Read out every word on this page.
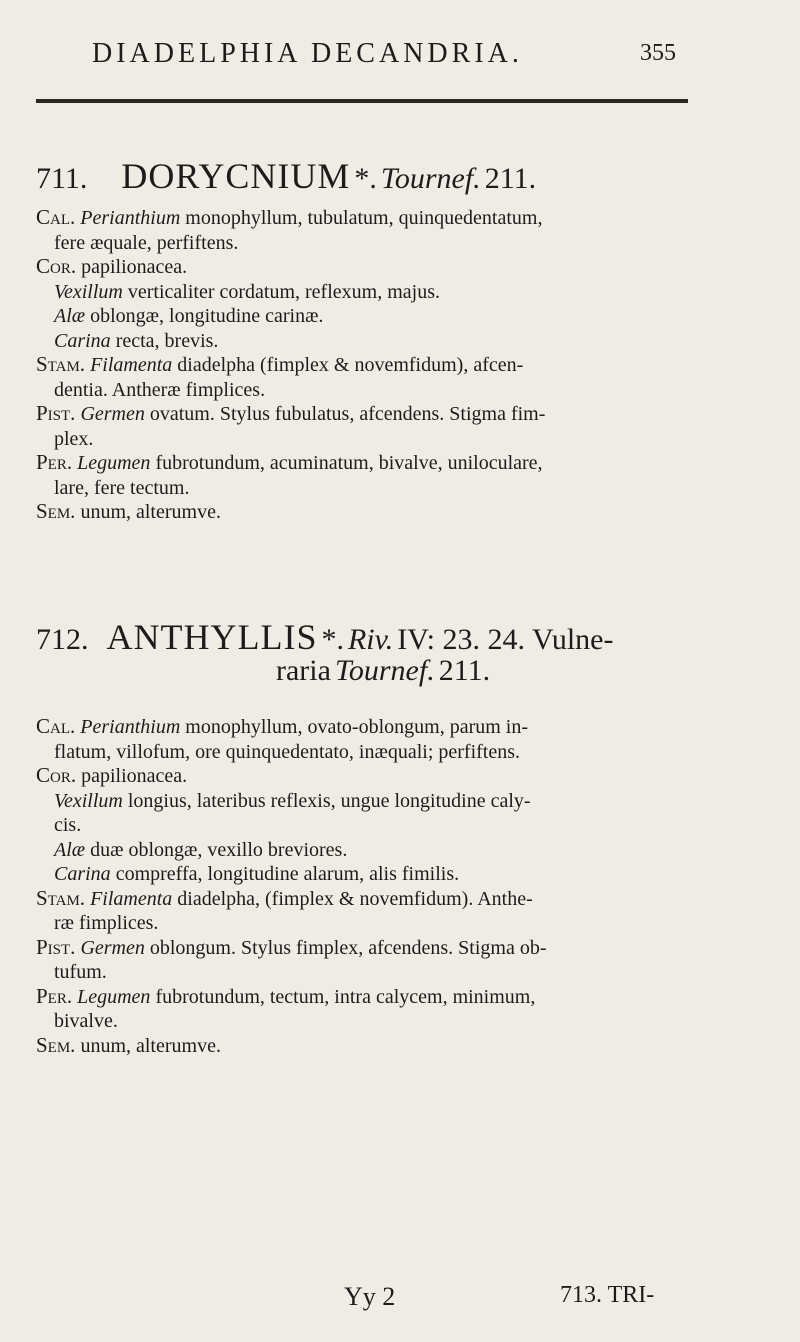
DIADELPHIA DECANDRIA.	355
711. DORYCNIUM *. Tournef. 211.
Cal. Perianthium monophyllum, tubulatum, quinquedentatum,
fere æquale, perfiftens.
Cor. papilionacea.
Vexillum verticaliter cordatum, reflexum, majus.
Alæ oblongæ, longitudine carinæ.
Carina recta, brevis.
Stam. Filamenta diadelpha (fimplex & novemfidum), afcen-
dentia. Antheræ fimplices.
Pist. Germen ovatum. Stylus fubulatus, afcendens. Stigma fim-
plex.
Per. Legumen fubrotundum, acuminatum, bivalve, uniloculare,
lare, fere tectum.
Sem. unum, alterumve.
712. ANTHYLLIS *. Riv. IV: 23. 24. Vulne-
raria Tournef. 211.
Cal. Perianthium monophyllum, ovato-oblongum, parum in-
flatum, villofum, ore quinquedentato, inæquali; perfiftens.
Cor. papilionacea.
Vexillum longius, lateribus reflexis, ungue longitudine caly-
cis.
Alæ duæ oblongæ, vexillo breviores.
Carina compreffa, longitudine alarum, alis fimilis.
Stam. Filamenta diadelpha, (fimplex & novemfidum). Anthe-
ræ fimplices.
Pist. Germen oblongum. Stylus fimplex, afcendens. Stigma ob-
tufum.
Per. Legumen fubrotundum, tectum, intra calycem, minimum,
bivalve.
Sem. unum, alterumve.
Yy 2	713. TRI-
